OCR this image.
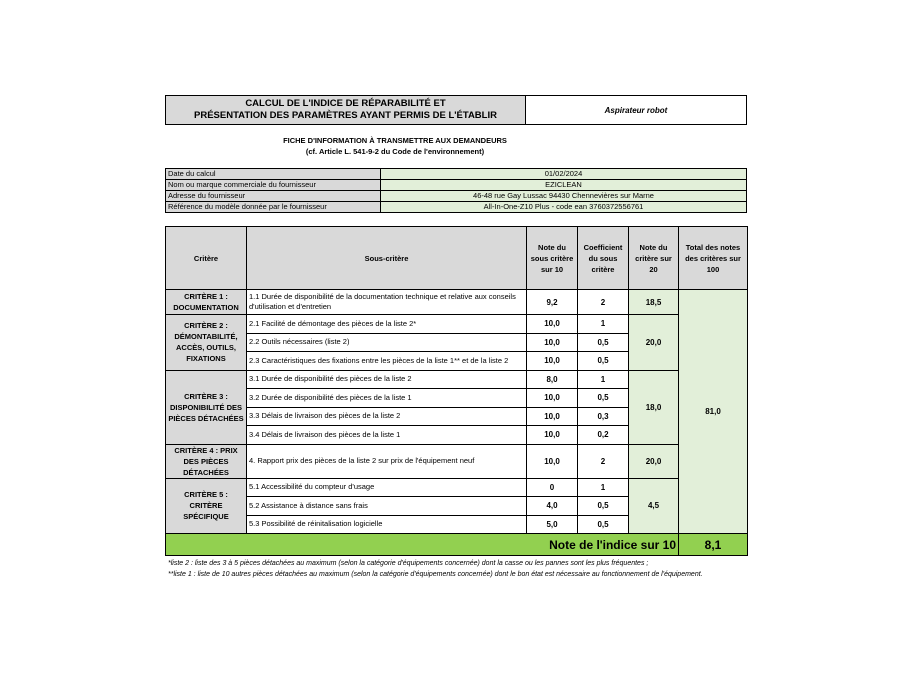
CALCUL DE L'INDICE DE RÉPARABILITÉ ET
PRÉSENTATION DES PARAMÈTRES AYANT PERMIS DE L'ÉTABLIR	Aspirateur robot
FICHE D'INFORMATION À TRANSMETTRE AUX DEMANDEURS
(cf. Article L. 541-9-2 du Code de l'environnement)
Date du calcul	01/02/2024
Nom ou marque commerciale du fournisseur	EZICLEAN
Adresse du fournisseur	46-48 rue Gay Lussac 94430 Chennevières sur Marne
Référence du modèle donnée par le fournisseur	All-In-One-Z10 Plus - code ean 3760372556761
Critère	Sous-critère	Note du sous critère sur 10	Coefficient du sous critère	Note du critère sur 20	Total des notes des critères sur 100
CRITÈRE 1 : DOCUMENTATION	1.1 Durée de disponibilité de la documentation technique et relative aux conseils d'utilisation et d'entretien	9,2	2	18,5	81,0
CRITÈRE 2 : DÉMONTABILITÉ, ACCÈS, OUTILS, FIXATIONS	2.1 Facilité de démontage des pièces de la liste 2*	10,0	1	20,0	
	2.2 Outils nécessaires (liste 2)	10,0	0,5		
	2.3 Caractéristiques des fixations entre les pièces de la liste 1** et de la liste 2	10,0	0,5		
CRITÈRE 3 : DISPONIBILITÉ DES PIÈCES DÉTACHÉES	3.1 Durée de disponibilité des pièces de la liste 2	8,0	1	18,0	
	3.2 Durée de disponibilité des pièces de la liste 1	10,0	0,5		
	3.3 Délais de livraison des pièces de la liste 2	10,0	0,3		
	3.4 Délais de livraison des pièces de la liste 1	10,0	0,2		
CRITÈRE 4 : PRIX DES PIÈCES DÉTACHÉES	4. Rapport prix des pièces de la liste 2 sur prix de l'équipement neuf	10,0	2	20,0	
CRITÈRE 5 : CRITÈRE SPÉCIFIQUE	5.1 Accessibilité du compteur d'usage	0	1	4,5	
	5.2 Assistance à distance sans frais	4,0	0,5		
	5.3 Possibilité de réinitalisation logicielle	5,0	0,5		
Note de l'indice sur 10					8,1
*liste 2 : liste des 3 à 5 pièces détachées au maximum (selon la catégorie d'équipements concernée) dont la casse ou les pannes sont les plus fréquentes ;
**liste 1 : liste de 10 autres pièces détachées au maximum (selon la catégorie d'équipements concernée) dont le bon état est nécessaire au fonctionnement de l'équipement.
